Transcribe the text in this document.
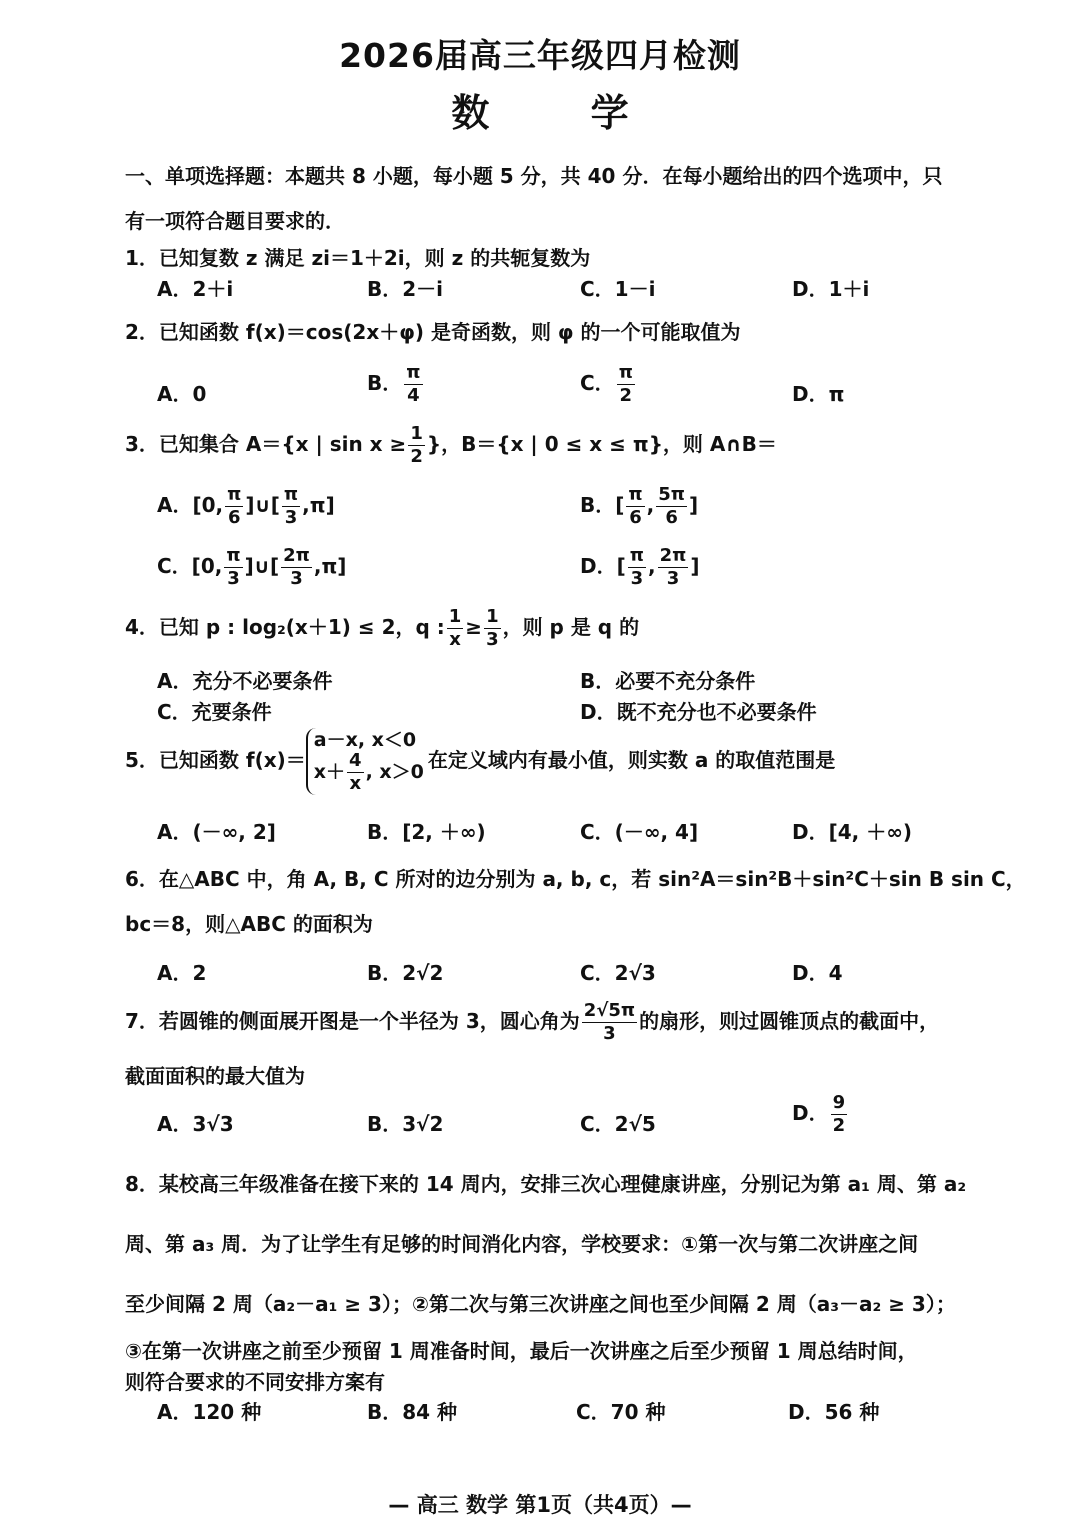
2026届高三年级四月检测
数 学
一、单项选择题：本题共 8 小题，每小题 5 分，共 40 分．在每小题给出的四个选项中，只
有一项符合题目要求的．
1．已知复数 z 满足 zi＝1＋2i，则 z 的共轭复数为
A．2＋i	B．2－i	C．1－i	D．1＋i
2．已知函数 f(x)＝cos(2x＋φ) 是奇函数，则 φ 的一个可能取值为
A．0	B． $\frac{\pi}{4}$	C． $\frac{\pi}{2}$	D．π
3．已知集合 A＝{x | $\sin x \ge \frac{1}{2}$ }，B＝{x | 0 ≤ x ≤ π}，则 A∩B＝
A．[0, $\frac{\pi}{6}$ ]∪[ $\frac{\pi}{3} ,\pi$]	B．[ $\frac{\pi}{6}$ , $\frac{5\pi}{6}$ ]
C．[0, $\frac{\pi}{3}$ ]∪[ $\frac{2\pi}{3} ,\pi$]	D．[ $\frac{\pi}{3}$ , $\frac{2\pi}{3}$ ]
4．已知 p : log₂(x＋1) ≤ 2，q : $\frac{1}{x} \ge \frac{1}{3}$ ，则 p 是 q 的
A．充分不必要条件	B．必要不充分条件
C．充要条件	D．既不充分也不必要条件
5．已知函数 f(x)＝
a－x, x＜0
$x+ \frac{4}{x}$ , x＞0 在定义域内有最小值，则实数 a 的取值范围是
A．(－∞, 2]	B．[2, ＋∞)	C．(－∞, 4]	D．[4, ＋∞)
6．在△ABC 中，角 A, B, C 所对的边分别为 a, b, c，若 sin²A＝sin²B＋sin²C＋sin B sin C，
bc＝8，则△ABC 的面积为
A．2	B．2√2	C．2√3	D．4
7．若圆锥的侧面展开图是一个半径为 3，圆心角为 $\frac{2√5\pi}{3}$ 的扇形，则过圆锥顶点的截面中，
截面面积的最大值为
A．3√3	B．3√2	C．2√5	D． $\frac{9}{2}$
8．某校高三年级准备在接下来的 14 周内，安排三次心理健康讲座，分别记为第 a₁ 周、第 a₂
周、第 a₃ 周．为了让学生有足够的时间消化内容，学校要求：①第一次与第二次讲座之间
至少间隔 2 周（a₂－a₁ ≥ 3）；②第二次与第三次讲座之间也至少间隔 2 周（a₃－a₂ ≥ 3）；
③在第一次讲座之前至少预留 1 周准备时间，最后一次讲座之后至少预留 1 周总结时间，
则符合要求的不同安排方案有
A．120 种	B．84 种	C．70 种	D．56 种
— 高三 数学 第1页（共4页）—
